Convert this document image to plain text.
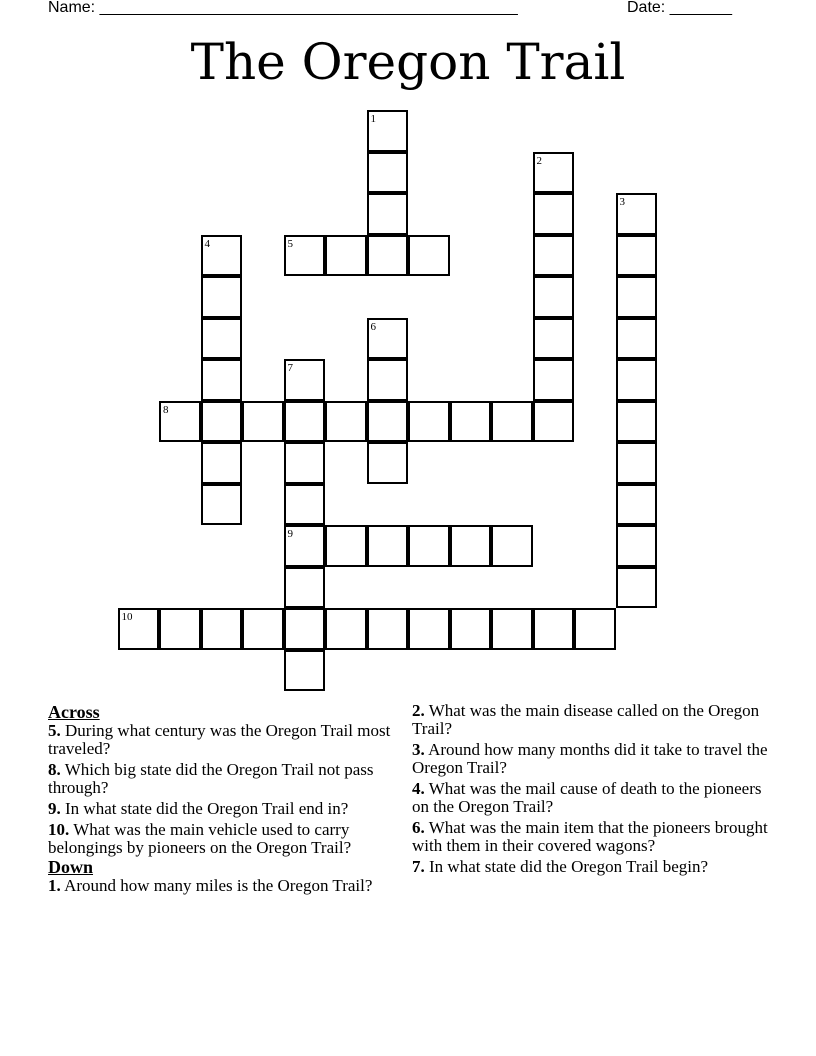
Name: _______________________________________________	Date: _______
The Oregon Trail
1
2
3
4	5
6
7
9
8
10
Across
5. During what century was the Oregon Trail most traveled?
8. Which big state did the Oregon Trail not pass through?
9. In what state did the Oregon Trail end in?
10. What was the main vehicle used to carry belongings by pioneers on the Oregon Trail?
Down
1. Around how many miles is the Oregon Trail?
2. What was the main disease called on the Oregon Trail?
3. Around how many months did it take to travel the Oregon Trail?
4. What was the mail cause of death to the pioneers on the Oregon Trail?
6. What was the main item that the pioneers brought with them in their covered wagons?
7. In what state did the Oregon Trail begin?
